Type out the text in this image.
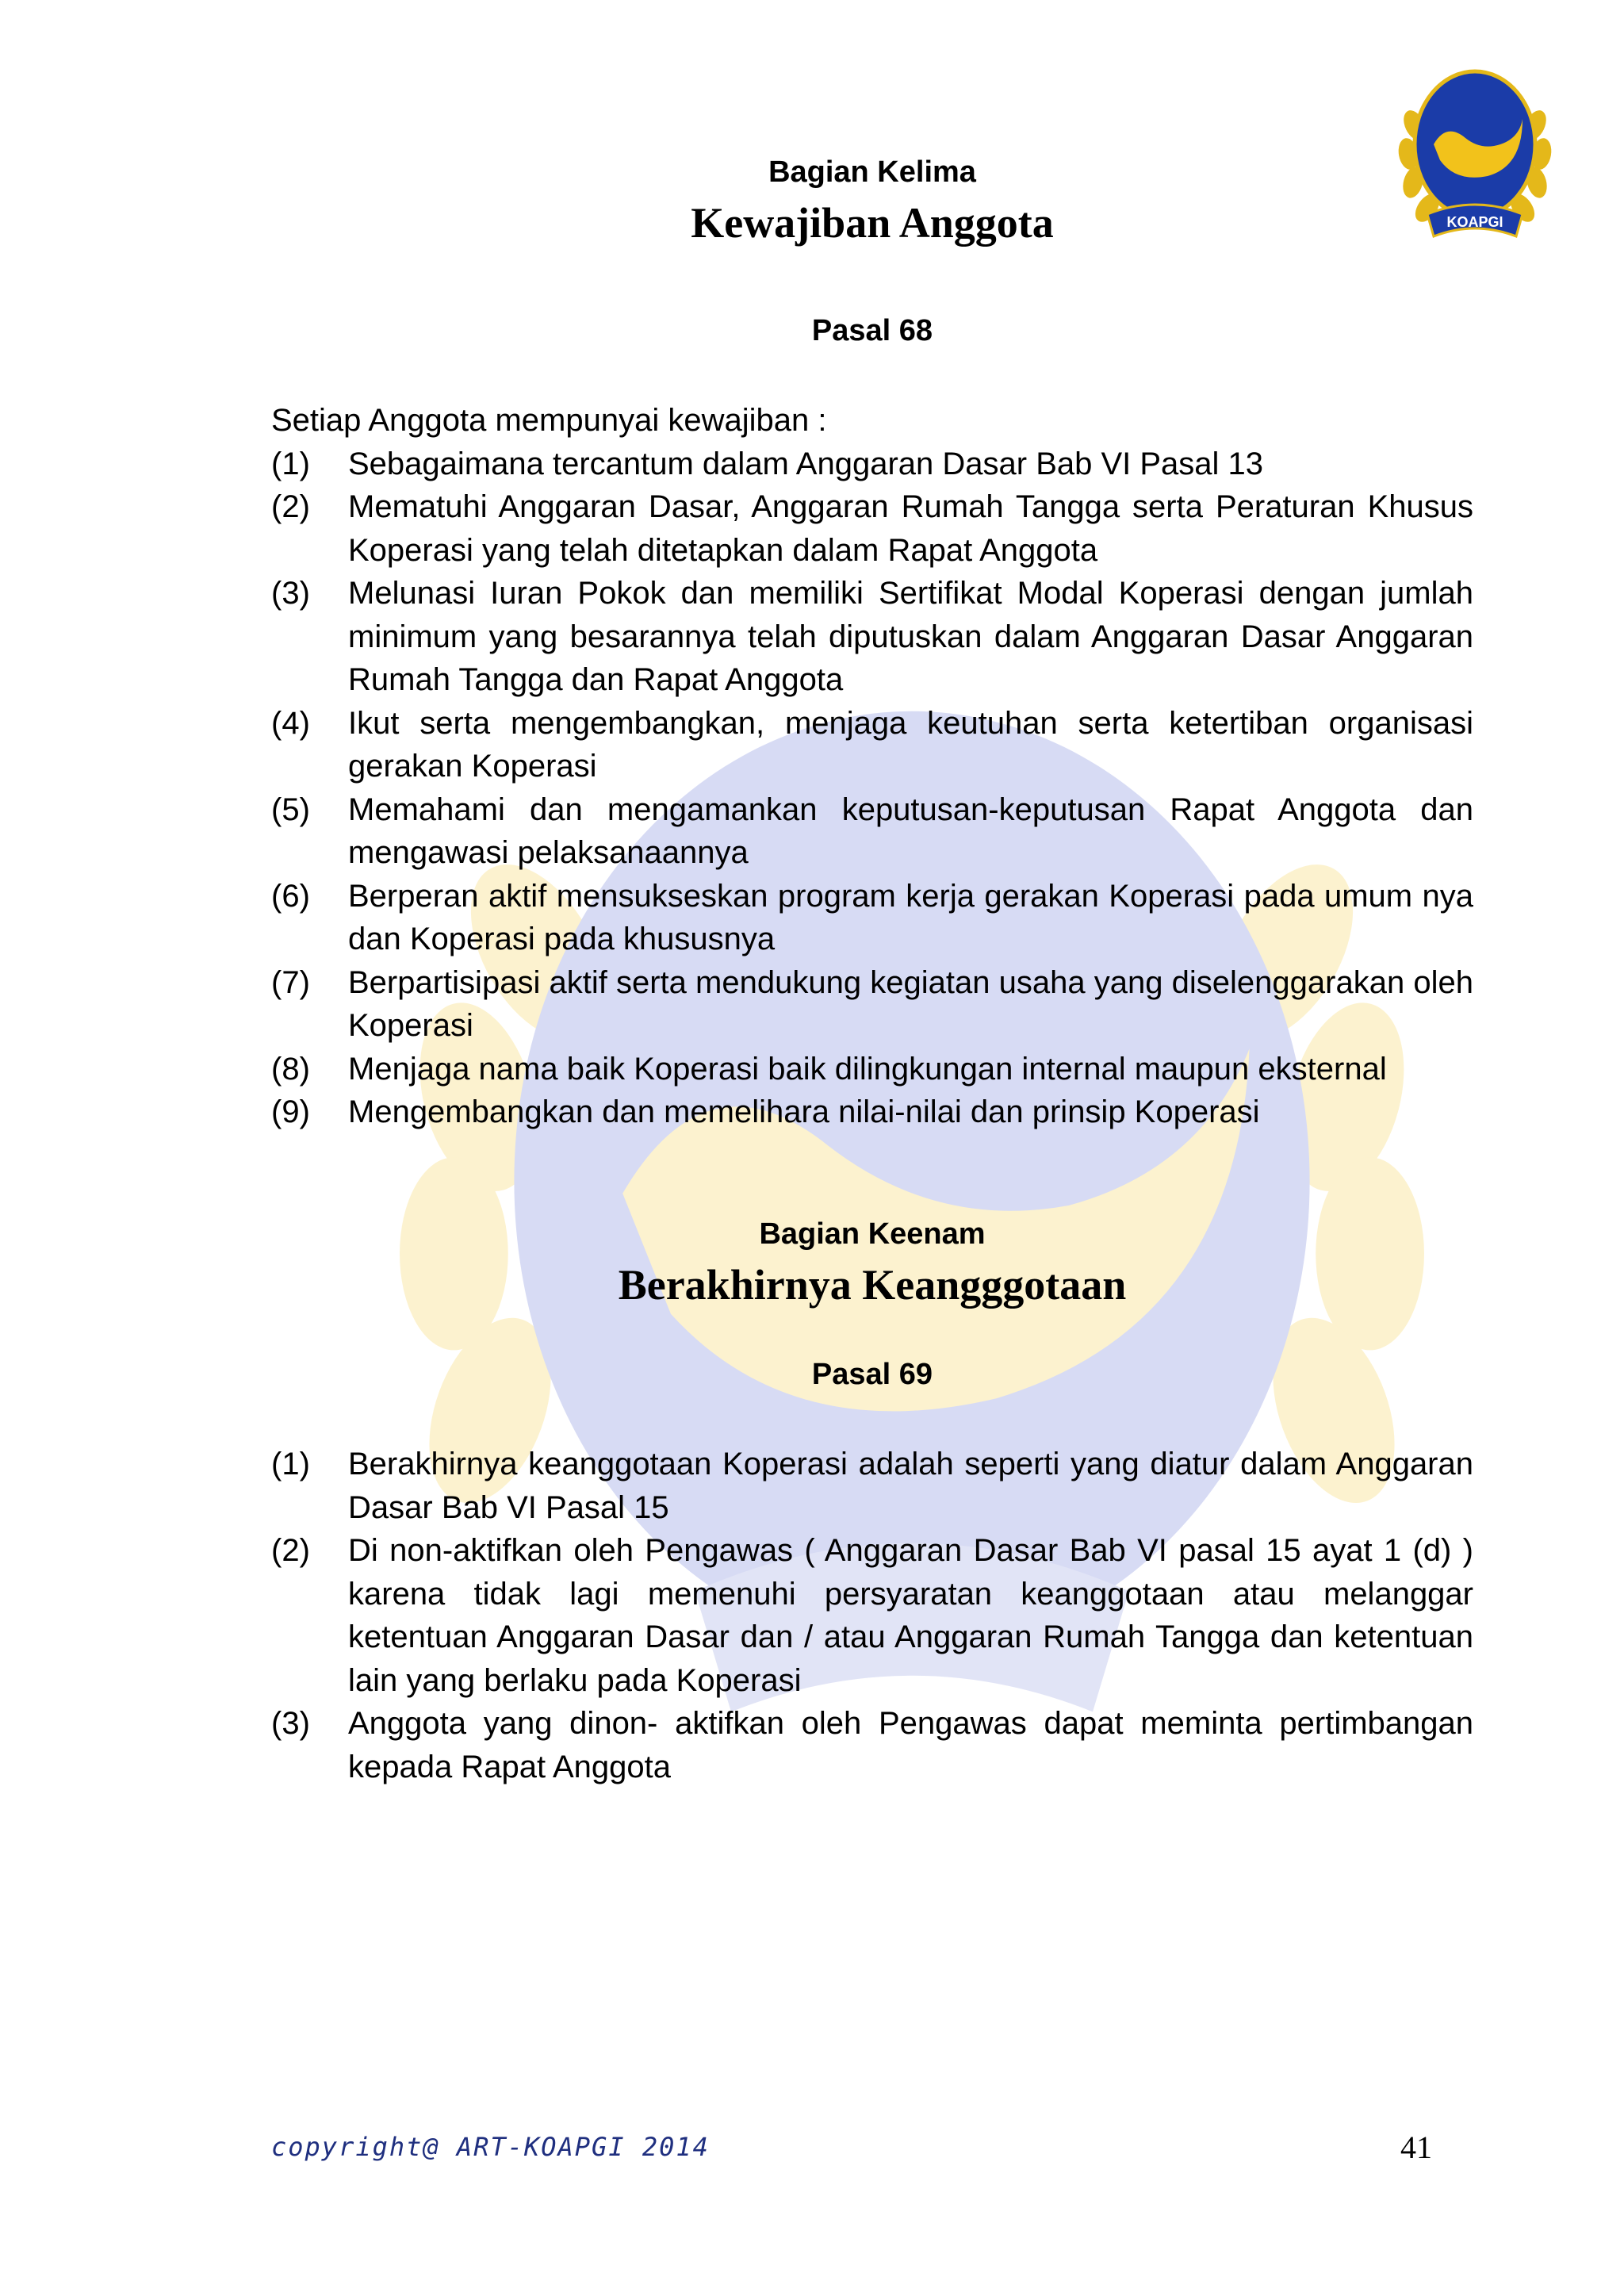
KOAPGI
Bagian Kelima
Kewajiban Anggota
Pasal 68

Setiap Anggota mempunyai kewajiban :

(1) Sebagaimana tercantum dalam Anggaran Dasar Bab VI Pasal 13
(2) Mematuhi Anggaran Dasar, Anggaran Rumah Tangga serta Peraturan Khusus Koperasi yang telah ditetapkan dalam Rapat Anggota
(3) Melunasi Iuran Pokok dan memiliki Sertifikat Modal Koperasi dengan jumlah minimum yang besarannya telah diputuskan dalam Anggaran Dasar Anggaran Rumah Tangga dan Rapat Anggota
(4) Ikut serta mengembangkan, menjaga keutuhan serta ketertiban organisasi gerakan Koperasi
(5) Memahami dan mengamankan keputusan-keputusan Rapat Anggota dan mengawasi pelaksanaannya
(6) Berperan aktif mensukseskan program kerja gerakan Koperasi pada umum nya dan Koperasi pada khususnya
(7) Berpartisipasi aktif serta mendukung kegiatan usaha yang diselenggarakan oleh Koperasi
(8) Menjaga nama baik Koperasi baik dilingkungan internal maupun eksternal
(9) Mengembangkan dan memelihara nilai-nilai dan prinsip Koperasi
Bagian Keenam
Berakhirnya Keangggotaan
Pasal 69
(1) Berakhirnya keanggotaan Koperasi adalah seperti yang diatur dalam Anggaran Dasar Bab VI Pasal 15
(2) Di non-aktifkan oleh Pengawas ( Anggaran Dasar Bab VI pasal 15 ayat 1 (d) ) karena tidak lagi memenuhi persyaratan keanggotaan atau melanggar ketentuan Anggaran Dasar dan / atau Anggaran Rumah Tangga dan ketentuan lain yang berlaku pada Koperasi
(3) Anggota yang dinon- aktifkan oleh Pengawas dapat meminta pertimbangan kepada Rapat Anggota
copyright@ ART-KOAPGI 2014	41
